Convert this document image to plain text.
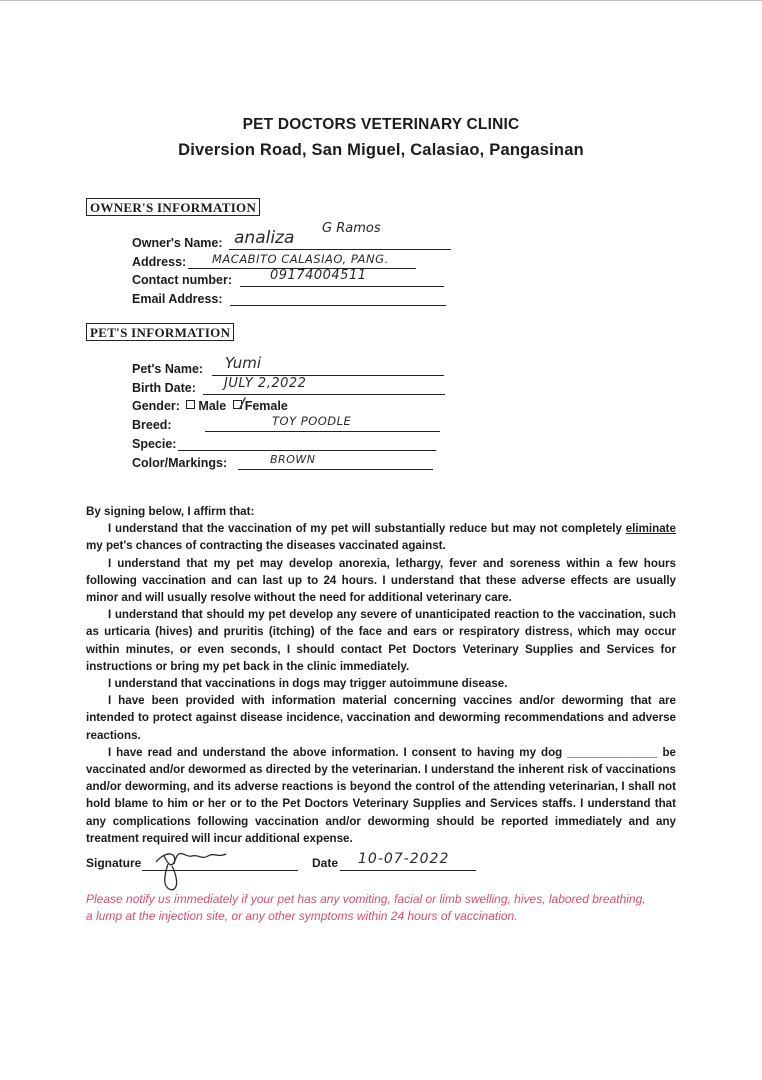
PET DOCTORS VETERINARY CLINIC
Diversion Road, San Miguel, Calasiao, Pangasinan
OWNER'S INFORMATION
Owner's Name: analiza G Ramos
Address: MACABITO CALASIAO, PANG.
Contact number:	09174004511
Email Address:
PET'S INFORMATION
Pet's Name: Yumi
Birth Date: JULY 2,2022
Gender: Male Female
/
Breed:	TOY POODLE
Specie:
Color/Markings:	BROWN

By signing below, I affirm that:

I understand that the vaccination of my pet will substantially reduce but may not completely eliminate my pet's chances of contracting the diseases vaccinated against.

I understand that my pet may develop anorexia, lethargy, fever and soreness within a few hours following vaccination and can last up to 24 hours. I understand that these adverse effects are usually minor and will usually resolve without the need for additional veterinary care.

I understand that should my pet develop any severe of unanticipated reaction to the vaccination, such as urticaria (hives) and pruritis (itching) of the face and ears or respiratory distress, which may occur within minutes, or even seconds, I should contact Pet Doctors Veterinary Supplies and Services for instructions or bring my pet back in the clinic immediately.

I understand that vaccinations in dogs may trigger autoimmune disease.

I have been provided with information material concerning vaccines and/or deworming that are intended to protect against disease incidence, vaccination and deworming recommendations and adverse reactions.

I have read and understand the above information. I consent to having my dog ______________ be vaccinated and/or dewormed as directed by the veterinarian. I understand the inherent risk of vaccinations and/or deworming, and its adverse reactions is beyond the control of the attending veterinarian, I shall not hold blame to him or her or to the Pet Doctors Veterinary Supplies and Services staffs. I understand that any complications following vaccination and/or deworming should be reported immediately and any treatment required will incur additional expense.

Signature	Date 10-07-2022
Please notify us immediately if your pet has any vomiting, facial or limb swelling, hives, labored breathing, a lump at the injection site, or any other symptoms within 24 hours of vaccination.
